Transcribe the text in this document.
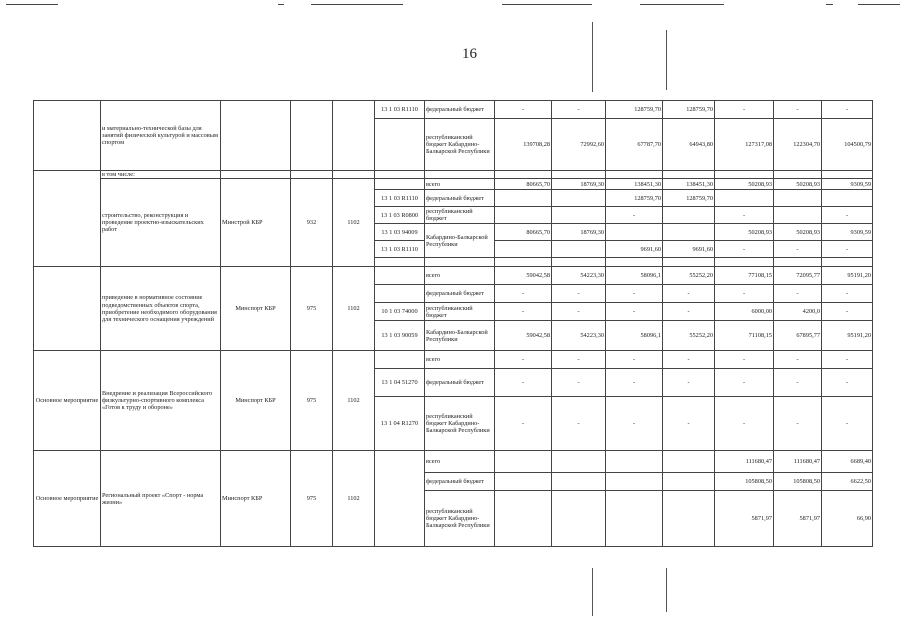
16
	и материально-технической базы для занятий физической культурой и массовым спортом				13 1 03 R1110	федеральный бюджет	-	-	128759,70	128759,70	-	-	-
						республиканский бюджет Кабардино-Балкарской Республики	139708,28	72992,60	67787,70	64943,80	127317,08	122304,70	104500,79
	в том числе:												
	строительство, реконструкция и проведение проектно-изыскательских работ	Минстрой КБР	932	1102		всего	80665,70	18769,30	138451,30	138451,30	50208,93	50208,93	9309,59
					13 1 03 R1110	федеральный бюджет			128759,70	128759,70			
					13 1 03 R0800	республиканский бюджет			-		-		-
					13 1 03 94009	Кабардино-Балкарской Республики	80665,70	18769,30			50208,93	50208,93	9309,59
					13 1 03 R1110				9691,60	9691,60	-	-	-

	приведение в нормативное состояние подведомственных объектов спорта, приобретение необходимого оборудования для технического оснащения учреждений	Минспорт КБР	975	1102		всего	59042,58	54223,30	58096,1	55252,20	77108,15	72095,77	95191,20
						федеральный бюджет	-	-	-	-	-	-	-
					10 1 03 74000	республиканский бюджет	-	-	-	-	6000,00	4200,0	-
					13 1 03 90059	Кабардино-Балкарской Республики	59042,58	54223,30	58096,1	55252,20	71108,15	67895,77	95191,20
Основное мероприятие	Внедрение и реализация Всероссийского физкультурно-спортивного комплекса «Готов к труду и обороне»	Минспорт КБР	975	1102		всего	-	-	-	-	-	-	-
					13 1 04 51270	федеральный бюджет	-	-	-	-	-	-	-
					13 1 04 R1270	республиканский бюджет Кабардино-Балкарской Республики	-	-	-	-	-	-	-
Основное мероприятие	Региональный проект «Спорт - норма жизни»	Минспорт КБР	975	1102		всего					111680,47	111680,47	6689,40
						федеральный бюджет					105808,50	105808,50	6622,50
						республиканский бюджет Кабардино-Балкарской Республики					5871,97	5871,97	66,90
